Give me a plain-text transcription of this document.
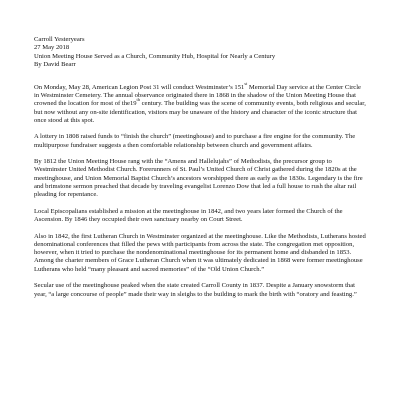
Carroll Yesteryears

27 May 2018

Union Meeting House Served as a Church, Community Hub, Hospital for Nearly a Century

By David Bearr

On Monday, May 28, American Legion Post 31 will conduct Westminster’s 151st Memorial Day service at the Center Circle in Westminster Cemetery. The annual observance originated there in 1868 in the shadow of the Union Meeting House that crowned the location for most of the19th century. The building was the scene of community events, both religious and secular, but now without any on-site identification, visitors may be unaware of the history and character of the iconic structure that once stood at this spot.

A lottery in 1808 raised funds to “finish the church” (meetinghouse) and to purchase a fire engine for the community. The multipurpose fundraiser suggests a then comfortable relationship between church and government affairs.

By 1812 the Union Meeting House rang with the “Amens and Hallelujahs” of Methodists, the precursor group to Westminster United Methodist Church. Forerunners of St. Paul’s United Church of Christ gathered during the 1820s at the meetinghouse, and Union Memorial Baptist Church’s ancestors worshipped there as early as the 1830s. Legendary is the fire and brimstone sermon preached that decade by traveling evangelist Lorenzo Dow that led a full house to rush the altar rail pleading for repentance.

Local Episcopalians established a mission at the meetinghouse in 1842, and two years later formed the Church of the Ascension. By 1846 they occupied their own sanctuary nearby on Court Street.

Also in 1842, the first Lutheran Church in Westminster organized at the meetinghouse. Like the Methodists, Lutherans hosted denominational conferences that filled the pews with participants from across the state. The congregation met opposition, however, when it tried to purchase the nondenominational meetinghouse for its permanent home and disbanded in 1853. Among the charter members of Grace Lutheran Church when it was ultimately dedicated in 1868 were former meetinghouse Lutherans who held “many pleasant and sacred memories” of the “Old Union Church.”

Secular use of the meetinghouse peaked when the state created Carroll County in 1837. Despite a January snowstorm that year, “a large concourse of people” made their way in sleighs to the building to mark the birth with “oratory and feasting.”
